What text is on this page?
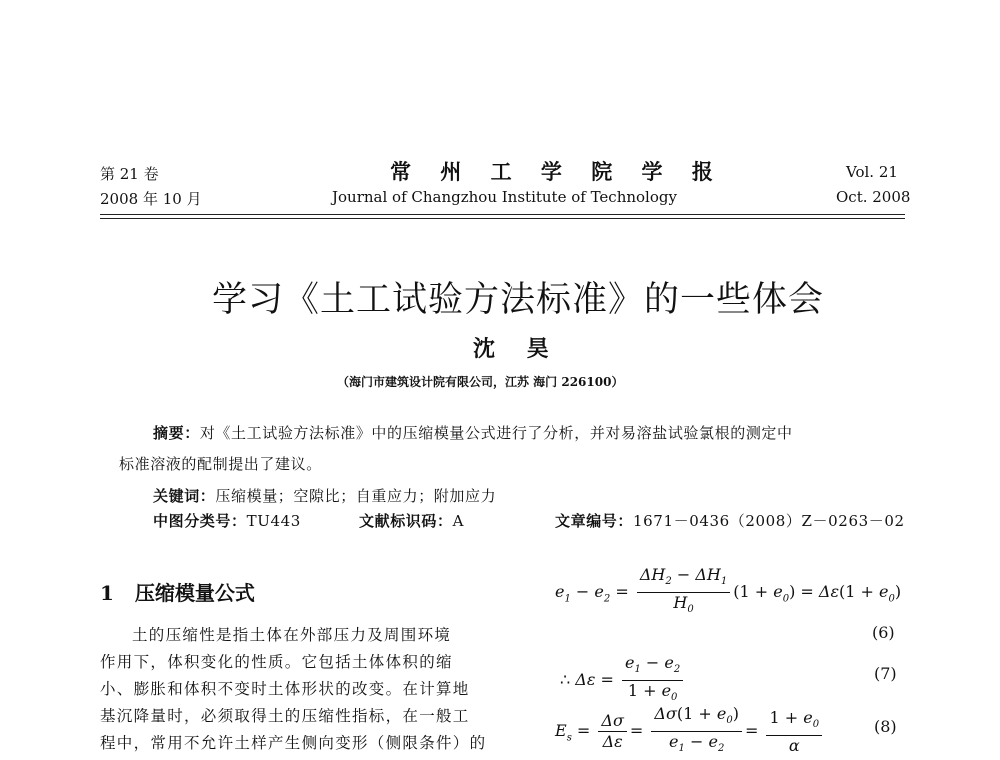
第 21 卷
2008 年 10 月
常 州 工 学 院 学 报
Journal of Changzhou Institute of Technology
Vol. 21
Oct. 2008
学习《土工试验方法标准》的一些体会
沈 昊
（海门市建筑设计院有限公司，江苏 海门 226100）
摘要：对《土工试验方法标准》中的压缩模量公式进行了分析，并对易溶盐试验氯根的测定中
标准溶液的配制提出了建议。
关键词：压缩模量；空隙比；自重应力；附加应力
中图分类号：TU443	文献标识码：A	文章编号：1671－0436（2008）Z－0263－02
1 压缩模量公式
土的压缩性是指土体在外部压力及周围环境
作用下，体积变化的性质。它包括土体体积的缩
小、膨胀和体积不变时土体形状的改变。在计算地
基沉降量时，必须取得土的压缩性指标，在一般工
程中，常用不允许土样产生侧向变形（侧限条件）的
$e_1 - e_2 = \frac{\Delta H_2 - \Delta H_1}{H_0} (1 + e_0) = \Delta\varepsilon(1 + e_0)$
(6)
∴ $\Delta\varepsilon = \frac{e_1 - e_2}{1 + e_0}$	(7)
$E_s = \frac{\Delta\sigma}{\Delta\varepsilon} = \frac{\Delta\sigma(1 + e_0)}{e_1 - e_2} = \frac{1 + e_0}{\alpha}$	(8)
